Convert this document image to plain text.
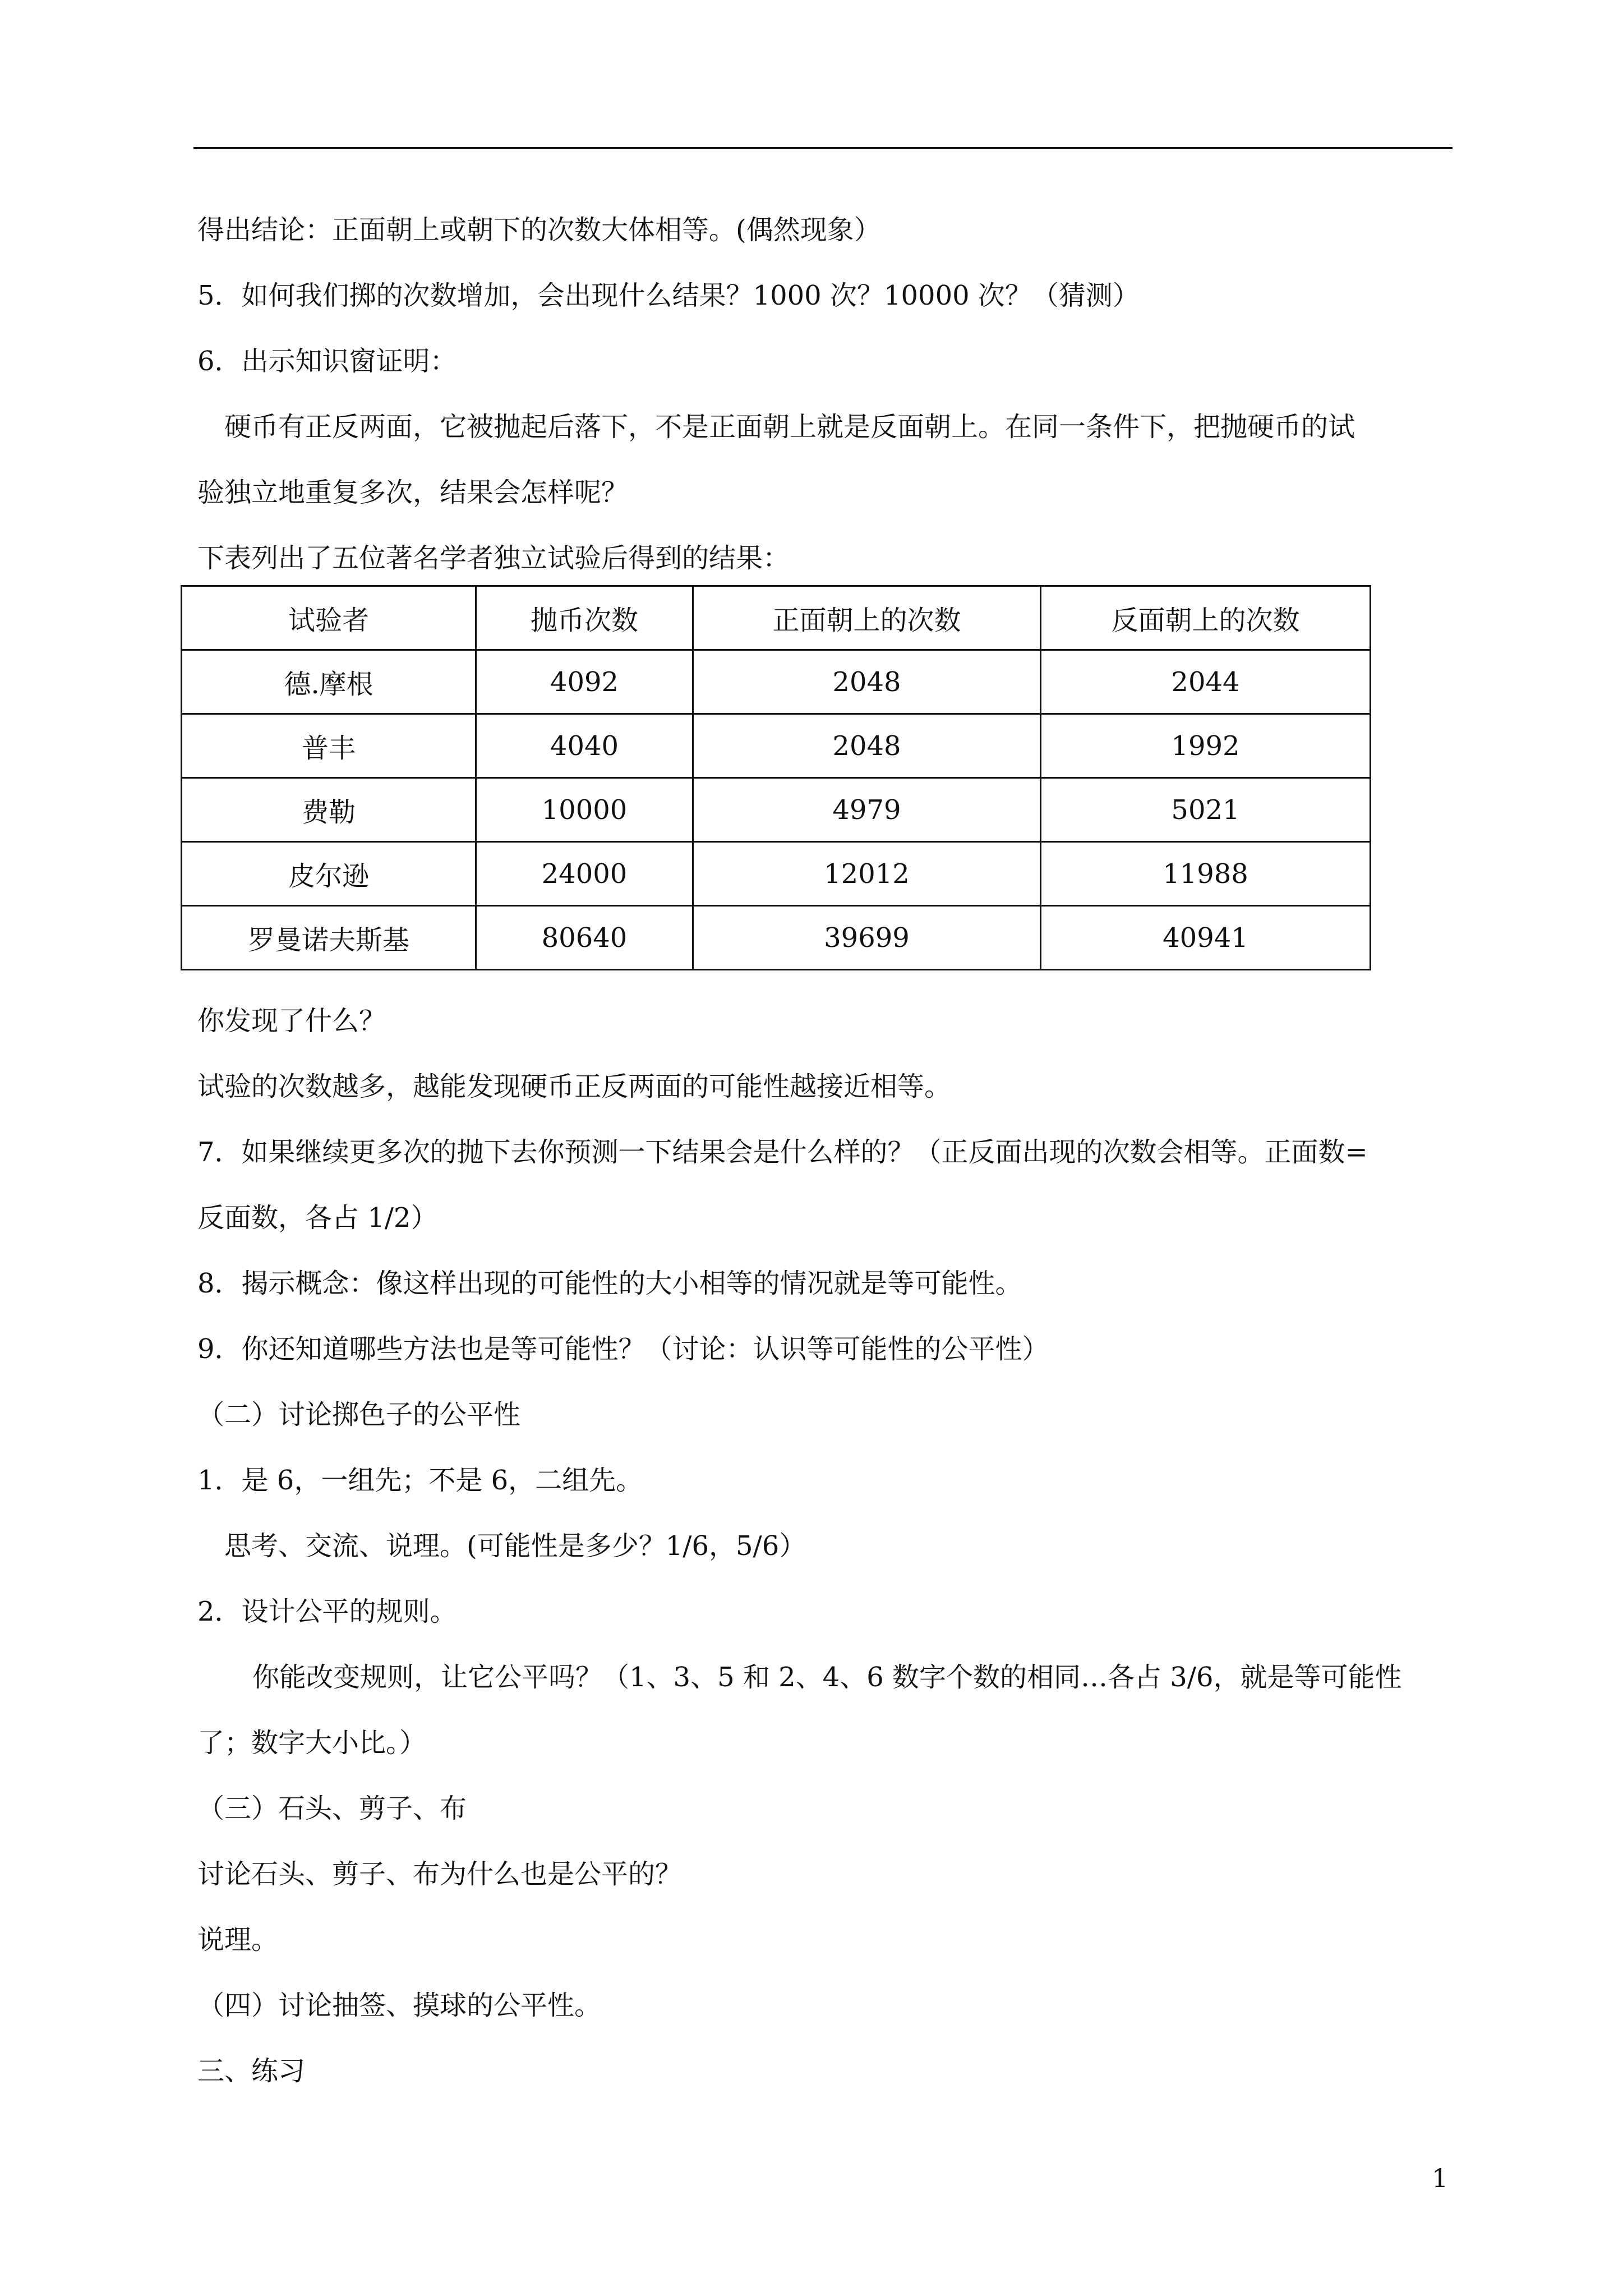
得出结论：正面朝上或朝下的次数大体相等。(偶然现象）
5．如何我们掷的次数增加，会出现什么结果？1000 次？10000 次？（猜测）
6．出示知识窗证明：
硬币有正反两面，它被抛起后落下，不是正面朝上就是反面朝上。在同一条件下，把抛硬币的试
验独立地重复多次，结果会怎样呢？
下表列出了五位著名学者独立试验后得到的结果：
试验者	抛币次数	正面朝上的次数	反面朝上的次数
德.摩根	4092	2048	2044
普丰	4040	2048	1992
费勒	10000	4979	5021
皮尔逊	24000	12012	11988
罗曼诺夫斯基	80640	39699	40941
你发现了什么？
试验的次数越多，越能发现硬币正反两面的可能性越接近相等。
7．如果继续更多次的抛下去你预测一下结果会是什么样的？（正反面出现的次数会相等。正面数=
反面数，各占 1/2）
8．揭示概念：像这样出现的可能性的大小相等的情况就是等可能性。
9．你还知道哪些方法也是等可能性？（讨论：认识等可能性的公平性）
（二）讨论掷色子的公平性
1．是 6，一组先；不是 6，二组先。
思考、交流、说理。(可能性是多少？1/6，5/6）
2．设计公平的规则。
你能改变规则，让它公平吗？（1、3、5 和 2、4、6 数字个数的相同…各占 3/6，就是等可能性
了；数字大小比。）
（三）石头、剪子、布
讨论石头、剪子、布为什么也是公平的？
说理。
（四）讨论抽签、摸球的公平性。
三、练习
1
